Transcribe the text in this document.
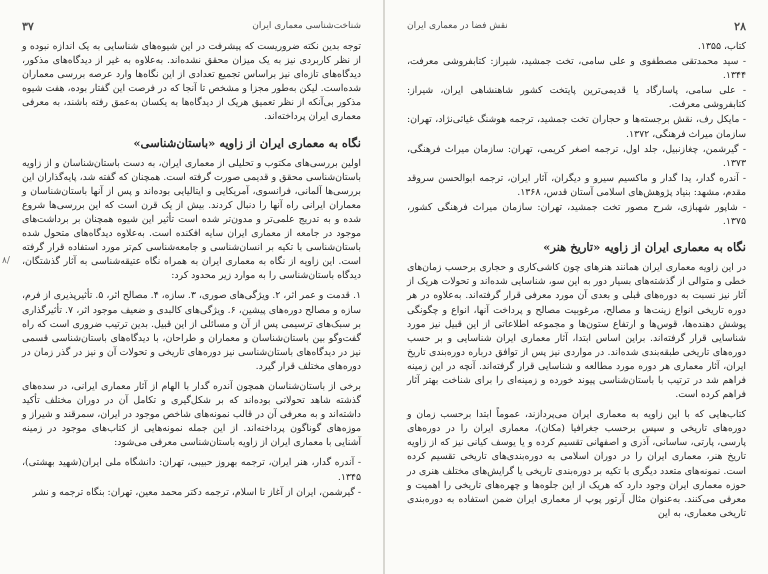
شناخت‌شناسی معماری ایران
۳۷

توجه بدین نکته ضروریست که پیشرفت در این شیوه‌های شناسایی به یک اندازه نبوده و از نظر کاربردی نیز به یک میزان محقق نشده‌اند. به‌علاوه به غیر از دیدگاه‌های مذکور، دیدگاه‌های تازه‌ای نیز براساس تجمیع تعدادی از این نگاه‌ها وارد عرصه بررسی معماران شده‌است. لیکن به‌طور مجزا و مشخص تا آنجا که در فرصت این گفتار بوده، هفت شیوه مذکور بی‌آنکه از نظر تعمیق هریک از دیدگاه‌ها به یکسان به‌عمق رفته باشند، به معرفی معماری ایران پرداخته‌اند.

نگاه به معماری ایران از زاویه «باستان‌شناسی»

اولین بررسی‌های مکتوب و تحلیلی از معماری ایران، به دست باستان‌شناسان و از زاویه باستان‌شناسی محقق و قدیمی صورت گرفته است. همچنان که گفته شد، پایه‌گذاران این بررسی‌ها آلمانی، فرانسوی، آمریکایی و ایتالیایی بوده‌اند و پس از آنها باستان‌شناسان و معماران ایرانی راه آنها را دنبال کردند. بیش از یک قرن است که این بررسی‌ها شروع شده و به تدریج علمی‌تر و مدون‌تر شده است تأثیر این شیوه همچنان بر برداشت‌های موجود در جامعه از معماری ایران سایه افکنده است. به‌علاوه دیدگاه‌های متحول شده باستان‌شناسی با تکیه بر انسان‌شناسی و جامعه‌شناسی کم‌تر مورد استفاده قرار گرفته است. این زاویه از نگاه به معماری ایران به همراه نگاه عتیقه‌شناسی به آثار گذشتگان، دیدگاه باستان‌شناسی را به موارد زیر محدود کرد:

۱. قدمت و عمر اثر، ۲. ویژگی‌های صوری، ۳. سازه، ۴. مصالح اثر، ۵. تأثیرپذیری از فرم، سازه و مصالح دوره‌های پیشین، ۶. ویژگی‌های کالبدی و ضعیف موجود اثر، ۷. تأثیرگذاری بر سبک‌های ترسیمی پس از آن و مسائلی از این قبیل. بدین ترتیب ضروری است که راه گفت‌وگو بین باستان‌شناسان و معماران و طراحان، با دیدگاه‌های باستان‌شناسی قسمی نیز در دیدگاه‌های باستان‌شناسی نیز دوره‌های تاریخی و تحولات آن و نیز در گذر زمان در دوره‌های مختلف قرار گیرد.

برخی از باستان‌شناسان همچون آندره گدار با الهام از آثار معماری ایرانی، در سده‌های گذشته شاهد تحولاتی بوده‌اند که بر شکل‌گیری و تکامل آن در دوران مختلف تأکید داشته‌اند و به معرفی آن در قالب نمونه‌های شاخص موجود در ایران، سمرقند و شیراز و موزه‌های گوناگون پرداخته‌اند. از این جمله نمونه‌هایی از کتاب‌های موجود در زمینه آشنایی با معماری ایران از زاویه باستان‌شناسی معرفی می‌شود:

- آندره گدار، هنر ایران، ترجمه بهروز حبیبی، تهران: دانشگاه ملی ایران(شهید بهشتی)، ۱۳۴۵.
- گیرشمن، ایران از آغاز تا اسلام، ترجمه دکتر محمد معین، تهران: بنگاه ترجمه و نشر
۸/
۲۸
نقش فضا در معماری ایران
کتاب، ۱۳۵۵.
- سید محمدتقی مصطفوی و علی سامی، تخت جمشید، شیراز: کتابفروشی معرفت، ۱۳۴۴.
- علی سامی، پاسارگاد یا قدیمی‌ترین پایتخت کشور شاهنشاهی ایران، شیراز: کتابفروشی معرفت.
- مایکل رف، نقش برجسته‌ها و حجاران تخت جمشید، ترجمه هوشنگ غیاثی‌نژاد، تهران: سازمان میراث فرهنگی، ۱۳۷۲.
- گیرشمن، چغازنبیل، جلد اول، ترجمه اصغر کریمی، تهران: سازمان میراث فرهنگی، ۱۳۷۳.
- آندره گدار، یدا گدار و ماکسیم سیرو و دیگران، آثار ایران، ترجمه ابوالحسن سروقد مقدم، مشهد: بنیاد پژوهش‌های اسلامی آستان قدس، ۱۳۶۸.
- شاپور شهبازی، شرح مصور تخت جمشید، تهران: سازمان میراث فرهنگی کشور، ۱۳۷۵.
نگاه به معماری ایران از زاویه «تاریخ هنر»

در این زاویه معماری ایران همانند هنرهای چون کاشی‌کاری و حجاری برحسب زمان‌های خطی و متوالی از گذشته‌های بسیار دور به این سو، شناسایی شده‌اند و تحولات هریک از آثار نیز نسبت به دوره‌های قبلی و بعدی آن مورد معرفی قرار گرفته‌اند. به‌علاوه در هر دوره تاریخی انواع زینت‌ها و مصالح، مرغوبیت مصالح و پرداخت آنها، انواع و چگونگی پوشش دهنده‌ها، قوس‌ها و ارتفاع ستون‌ها و مجموعه اطلاعاتی از این قبیل نیز مورد شناسایی قرار گرفته‌اند. براین اساس ابتدا، آثار معماری ایران شناسایی و بر حسب دوره‌های تاریخی طبقه‌بندی شده‌اند. در مواردی نیز پس از توافق درباره دوره‌بندی تاریخ ایران، آثار معماری هر دوره مورد مطالعه و شناسایی قرار گرفته‌اند. آنچه در این زمینه فراهم شد در ترتیب با باستان‌شناسی پیوند خورده و زمینه‌ای را برای شناخت بهتر آثار فراهم کرده است.

کتاب‌هایی که با این زاویه به معماری ایران می‌پردازند، عموماً ابتدا برحسب زمان و دوره‌های تاریخی و سپس برحسب جغرافیا (مکان)، معماری ایران را در دوره‌های پارسی، پارتی، ساسانی، آذری و اصفهانی تقسیم کرده و یا یوسف کیانی نیز که از زاویه تاریخ هنر، معماری ایران را در دوران اسلامی به دوره‌بندی‌های تاریخی تقسیم کرده است. نمونه‌های متعدد دیگری با تکیه بر دوره‌بندی تاریخی یا گرایش‌های مختلف هنری در حوزه معماری ایران وجود دارد که هریک از این جلوه‌ها و چهره‌های تاریخی را اهمیت و معرفی می‌کنند. به‌عنوان مثال آرتور پوپ از معماری ایران ضمن استفاده به دوره‌بندی تاریخی معماری، به این
